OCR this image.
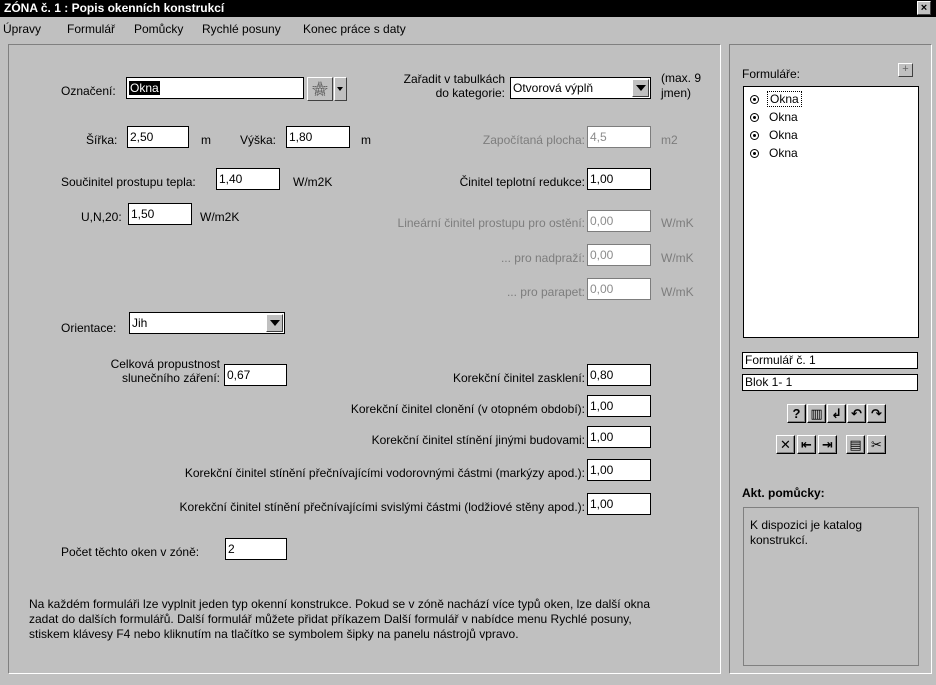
ZÓNA č. 1 : Popis okenních konstrukcí	×
Úpravy Formulář Pomůcky Rychlé posuny Konec práce s daty
Označení:	Okna	☆	Zařadit v tabulkách
do kategorie: Otvorová výplň
(max. 9
jmen)
Šířka: 2,50	m Výška: 1,80	m	Započítaná plocha: 4,5	m2
Součinitel prostupu tepla: 1,40	W/m2K	Činitel teplotní redukce: 1,00
U,N,20: 1,50	W/m2K	Lineární činitel prostupu pro ostění: 0,00	W/mK
... pro nadpraží: 0,00	W/mK
... pro parapet: 0,00	W/mK
Orientace: Jih
Celková propustnost
slunečního záření: 0,67	Korekční činitel zasklení: 0,80
Korekční činitel clonění (v otopném období): 1,00
Korekční činitel stínění jinými budovami: 1,00
Korekční činitel stínění přečnívajícími vodorovnými částmi (markýzy apod.): 1,00
Korekční činitel stínění přečnívajícími svislými částmi (lodžiové stěny apod.): 1,00
Počet těchto oken v zóně: 2
Na každém formuláři lze vyplnit jeden typ okenní konstrukce. Pokud se v zóně nachází více typů oken, lze další okna zadat do dalších formulářů. Další formulář můžete přidat příkazem Další formulář v nabídce menu Rychlé posuny, stiskem klávesy F4 nebo kliknutím na tlačítko se symbolem šipky na panelu nástrojů vpravo.
Formuláře:	+
Okna
Okna
Okna
Okna
Formulář č. 1
Blok 1- 1
? ▥ ↲ ↶ ↷
✕ ⇤ ⇥	▤ ✂
Akt. pomůcky:
K dispozici je katalog konstrukcí.
